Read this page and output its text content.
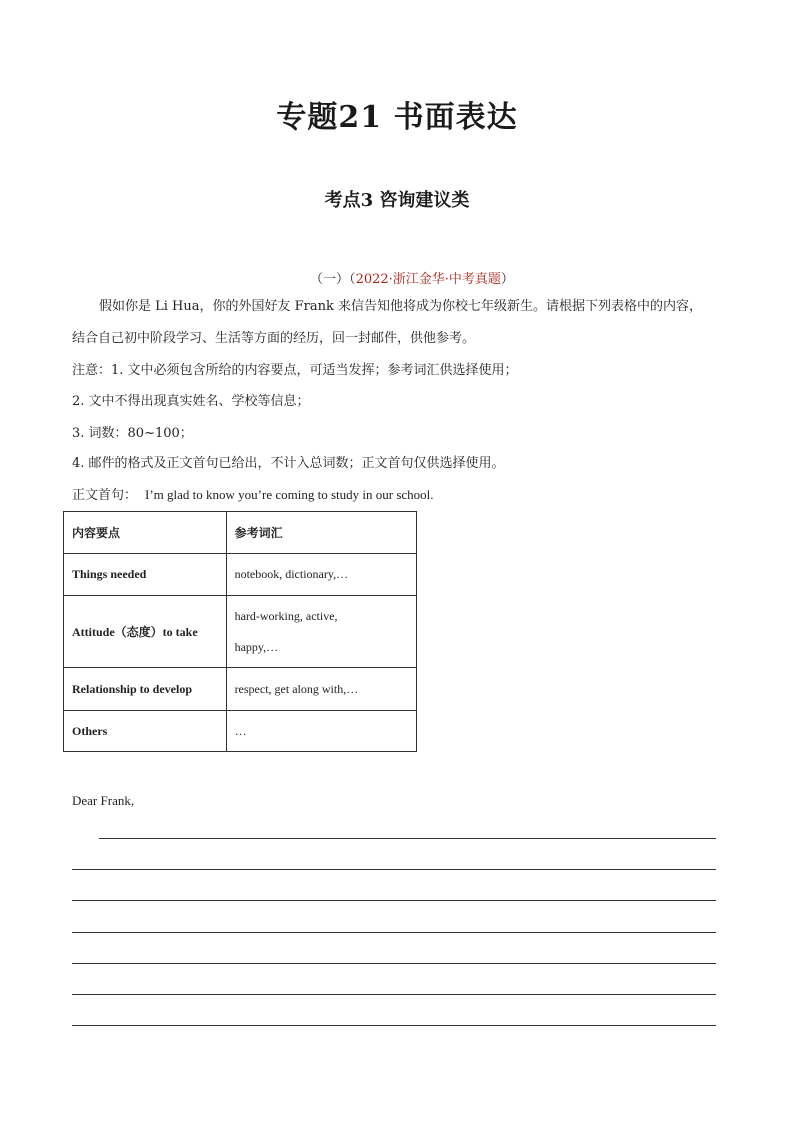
专题21 书面表达
考点3 咨询建议类
（一）（2022·浙江金华·中考真题）
假如你是 Li Hua，你的外国好友 Frank 来信告知他将成为你校七年级新生。请根据下列表格中的内容，
结合自己初中阶段学习、生活等方面的经历，回一封邮件，供他参考。
注意：1. 文中必须包含所给的内容要点，可适当发挥；参考词汇供选择使用；
2. 文中不得出现真实姓名、学校等信息；
3. 词数：80~100；
4. 邮件的格式及正文首句已给出，不计入总词数；正文首句仅供选择使用。
正文首句： I’m glad to know you’re coming to study in our school.
内容要点	参考词汇
Things needed	notebook, dictionary,…
Attitude（态度）to take	hard-working, active,
happy,…

Relationship to develop	respect, get along with,…
Others	…
Dear Frank,
